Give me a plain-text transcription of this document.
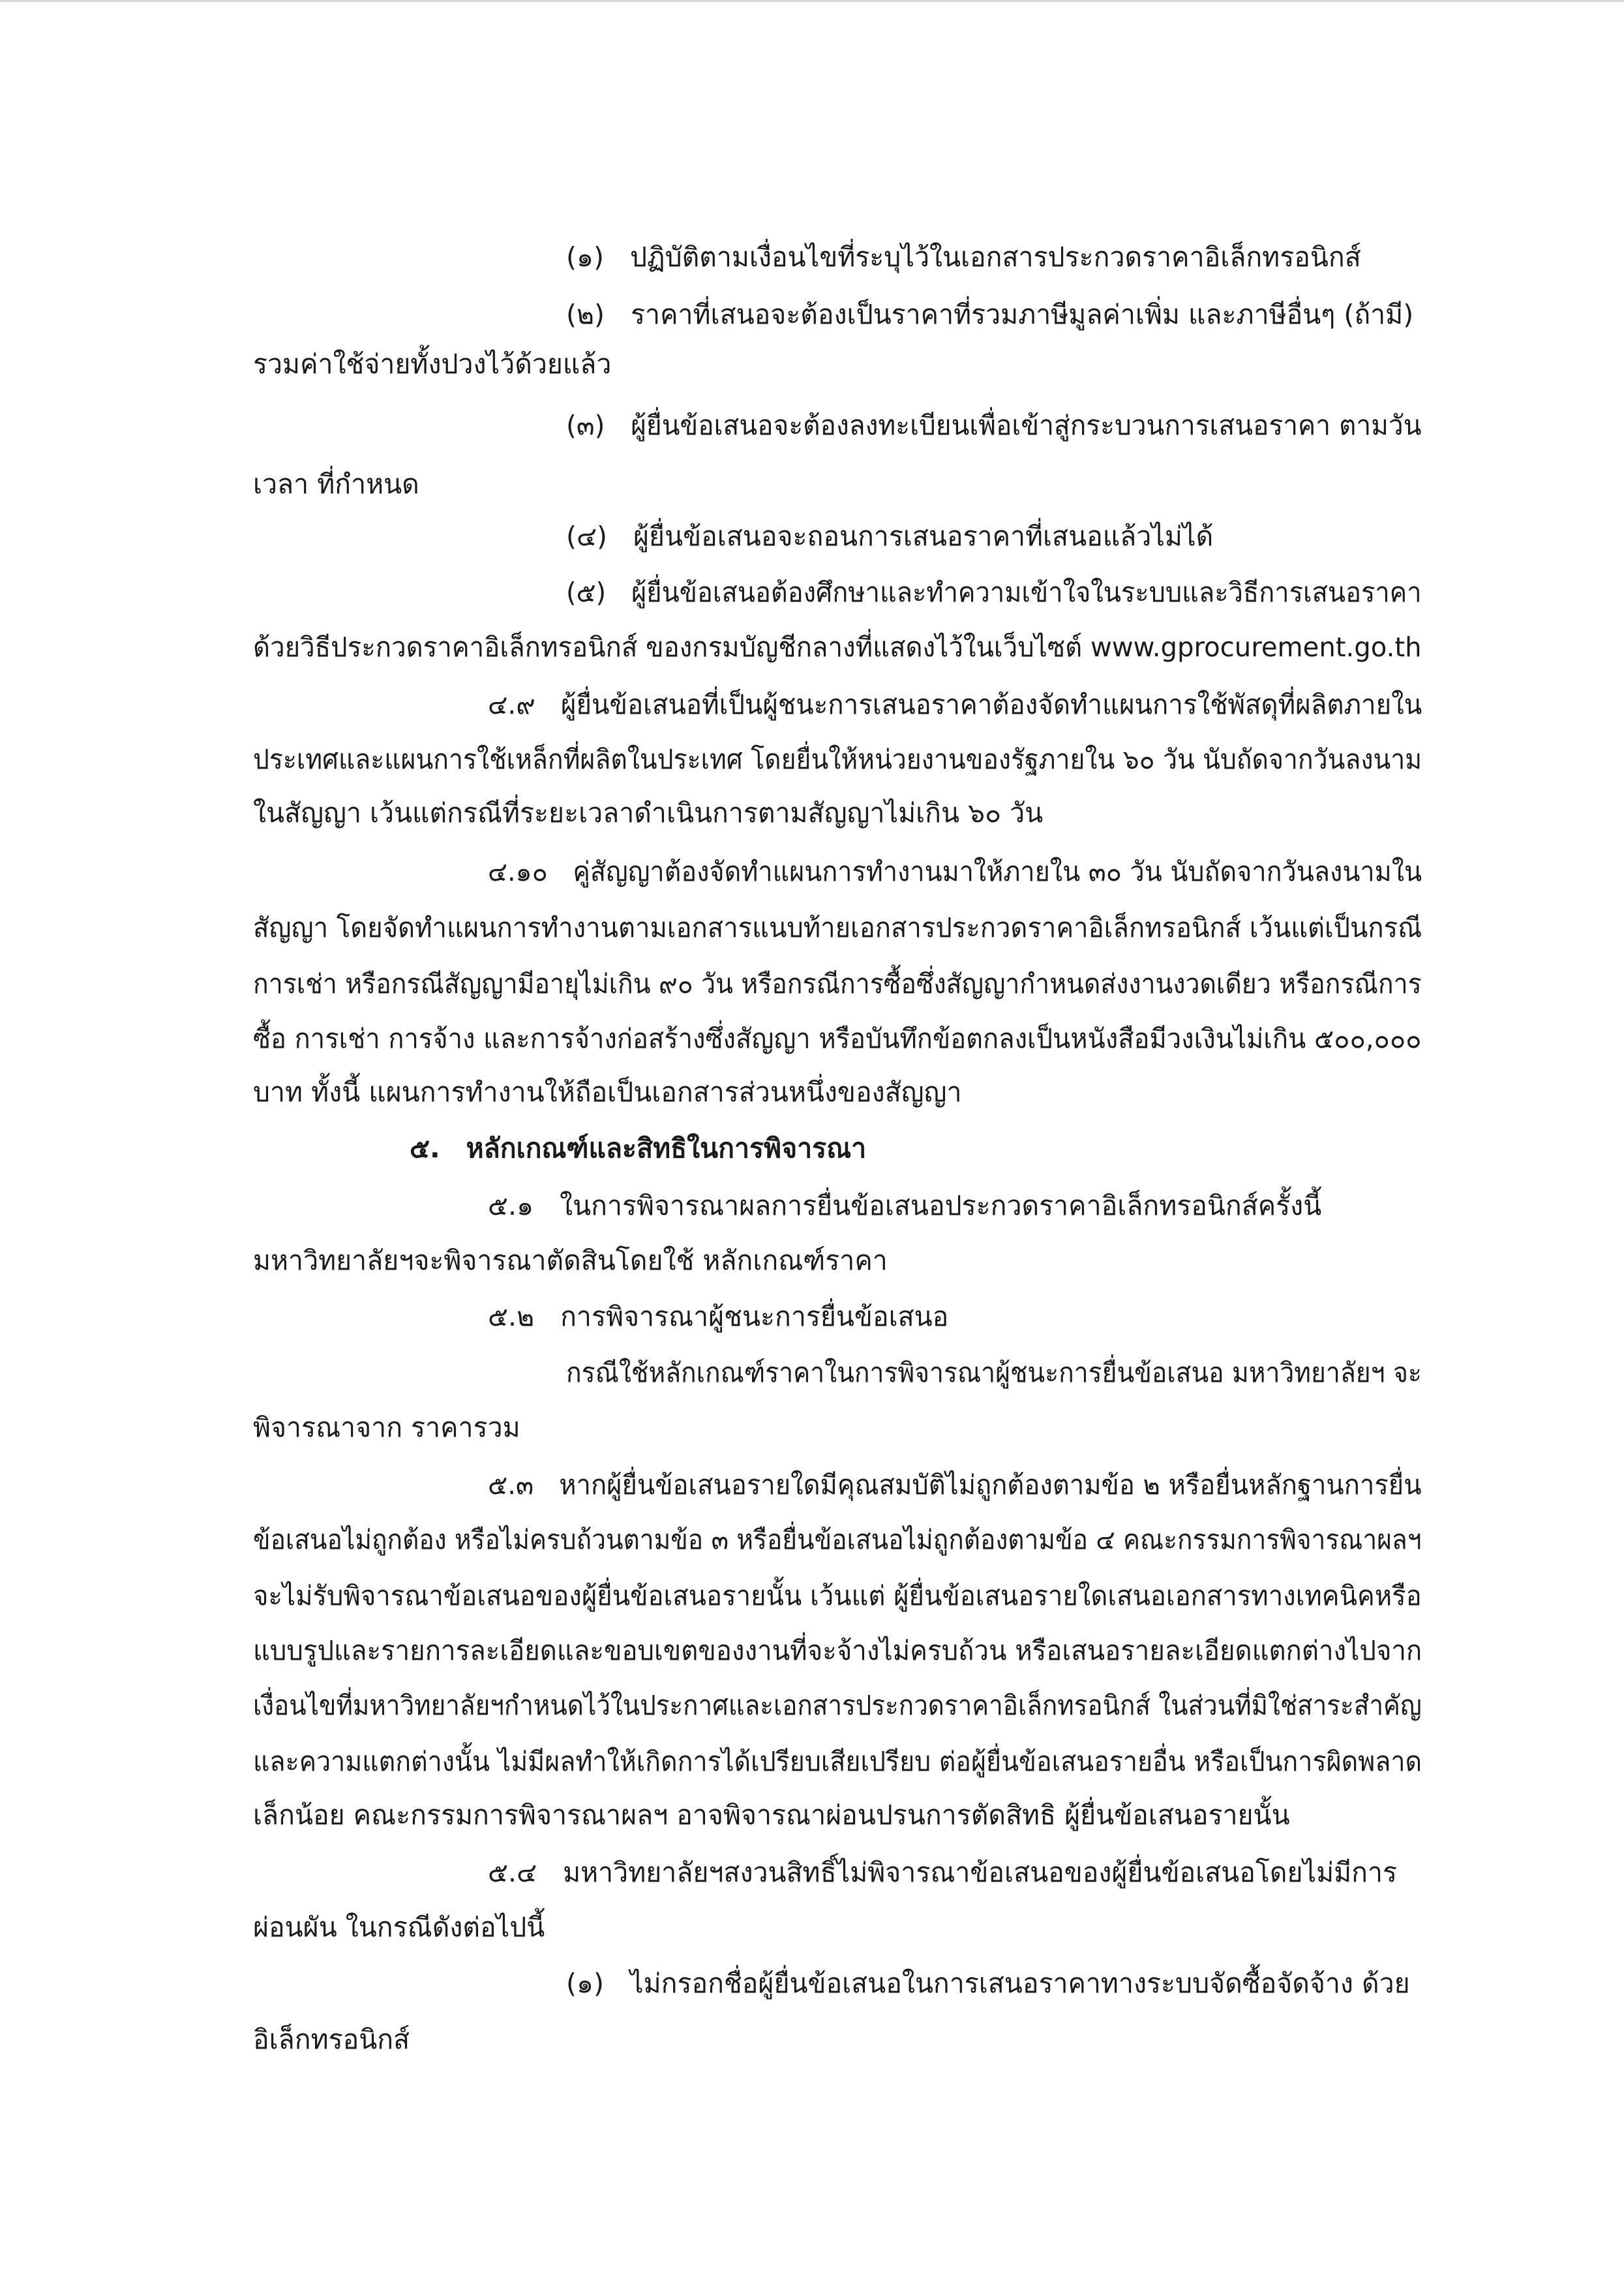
(๑) ปฏิบัติตามเงื่อนไขที่ระบุไว้ในเอกสารประกวดราคาอิเล็กทรอนิกส์
(๒) ราคาที่เสนอจะต้องเป็นราคาที่รวมภาษีมูลค่าเพิ่ม และภาษีอื่นๆ (ถ้ามี)
รวมค่าใช้จ่ายทั้งปวงไว้ด้วยแล้ว
(๓) ผู้ยื่นข้อเสนอจะต้องลงทะเบียนเพื่อเข้าสู่กระบวนการเสนอราคา ตามวัน
เวลา ที่กำหนด
(๔) ผู้ยื่นข้อเสนอจะถอนการเสนอราคาที่เสนอแล้วไม่ได้
(๕) ผู้ยื่นข้อเสนอต้องศึกษาและทำความเข้าใจในระบบและวิธีการเสนอราคา
ด้วยวิธีประกวดราคาอิเล็กทรอนิกส์ ของกรมบัญชีกลางที่แสดงไว้ในเว็บไซต์ www.gprocurement.go.th
๔.๙ ผู้ยื่นข้อเสนอที่เป็นผู้ชนะการเสนอราคาต้องจัดทำแผนการใช้พัสดุที่ผลิตภายใน
ประเทศและแผนการใช้เหล็กที่ผลิตในประเทศ โดยยื่นให้หน่วยงานของรัฐภายใน ๖๐ วัน นับถัดจากวันลงนาม
ในสัญญา เว้นแต่กรณีที่ระยะเวลาดำเนินการตามสัญญาไม่เกิน ๖๐ วัน
๔.๑๐ คู่สัญญาต้องจัดทำแผนการทำงานมาให้ภายใน ๓๐ วัน นับถัดจากวันลงนามใน
สัญญา โดยจัดทำแผนการทำงานตามเอกสารแนบท้ายเอกสารประกวดราคาอิเล็กทรอนิกส์ เว้นแต่เป็นกรณี
การเช่า หรือกรณีสัญญามีอายุไม่เกิน ๙๐ วัน หรือกรณีการซื้อซึ่งสัญญากำหนดส่งงานงวดเดียว หรือกรณีการ
ซื้อ การเช่า การจ้าง และการจ้างก่อสร้างซึ่งสัญญา หรือบันทึกข้อตกลงเป็นหนังสือมีวงเงินไม่เกิน ๕๐๐,๐๐๐
บาท ทั้งนี้ แผนการทำงานให้ถือเป็นเอกสารส่วนหนึ่งของสัญญา
๕. หลักเกณฑ์และสิทธิในการพิจารณา
๕.๑ ในการพิจารณาผลการยื่นข้อเสนอประกวดราคาอิเล็กทรอนิกส์ครั้งนี้
มหาวิทยาลัยฯจะพิจารณาตัดสินโดยใช้ หลักเกณฑ์ราคา
๕.๒ การพิจารณาผู้ชนะการยื่นข้อเสนอ
กรณีใช้หลักเกณฑ์ราคาในการพิจารณาผู้ชนะการยื่นข้อเสนอ มหาวิทยาลัยฯ จะ
พิจารณาจาก ราคารวม
๕.๓ หากผู้ยื่นข้อเสนอรายใดมีคุณสมบัติไม่ถูกต้องตามข้อ ๒ หรือยื่นหลักฐานการยื่น
ข้อเสนอไม่ถูกต้อง หรือไม่ครบถ้วนตามข้อ ๓ หรือยื่นข้อเสนอไม่ถูกต้องตามข้อ ๔ คณะกรรมการพิจารณาผลฯ
จะไม่รับพิจารณาข้อเสนอของผู้ยื่นข้อเสนอรายนั้น เว้นแต่ ผู้ยื่นข้อเสนอรายใดเสนอเอกสารทางเทคนิคหรือ
แบบรูปและรายการละเอียดและขอบเขตของงานที่จะจ้างไม่ครบถ้วน หรือเสนอรายละเอียดแตกต่างไปจาก
เงื่อนไขที่มหาวิทยาลัยฯกำหนดไว้ในประกาศและเอกสารประกวดราคาอิเล็กทรอนิกส์ ในส่วนที่มิใช่สาระสำคัญ
และความแตกต่างนั้น ไม่มีผลทำให้เกิดการได้เปรียบเสียเปรียบ ต่อผู้ยื่นข้อเสนอรายอื่น หรือเป็นการผิดพลาด
เล็กน้อย คณะกรรมการพิจารณาผลฯ อาจพิจารณาผ่อนปรนการตัดสิทธิ ผู้ยื่นข้อเสนอรายนั้น
๕.๔ มหาวิทยาลัยฯสงวนสิทธิ์ไม่พิจารณาข้อเสนอของผู้ยื่นข้อเสนอโดยไม่มีการ
ผ่อนผัน ในกรณีดังต่อไปนี้
(๑) ไม่กรอกชื่อผู้ยื่นข้อเสนอในการเสนอราคาทางระบบจัดซื้อจัดจ้าง ด้วย
อิเล็กทรอนิกส์
